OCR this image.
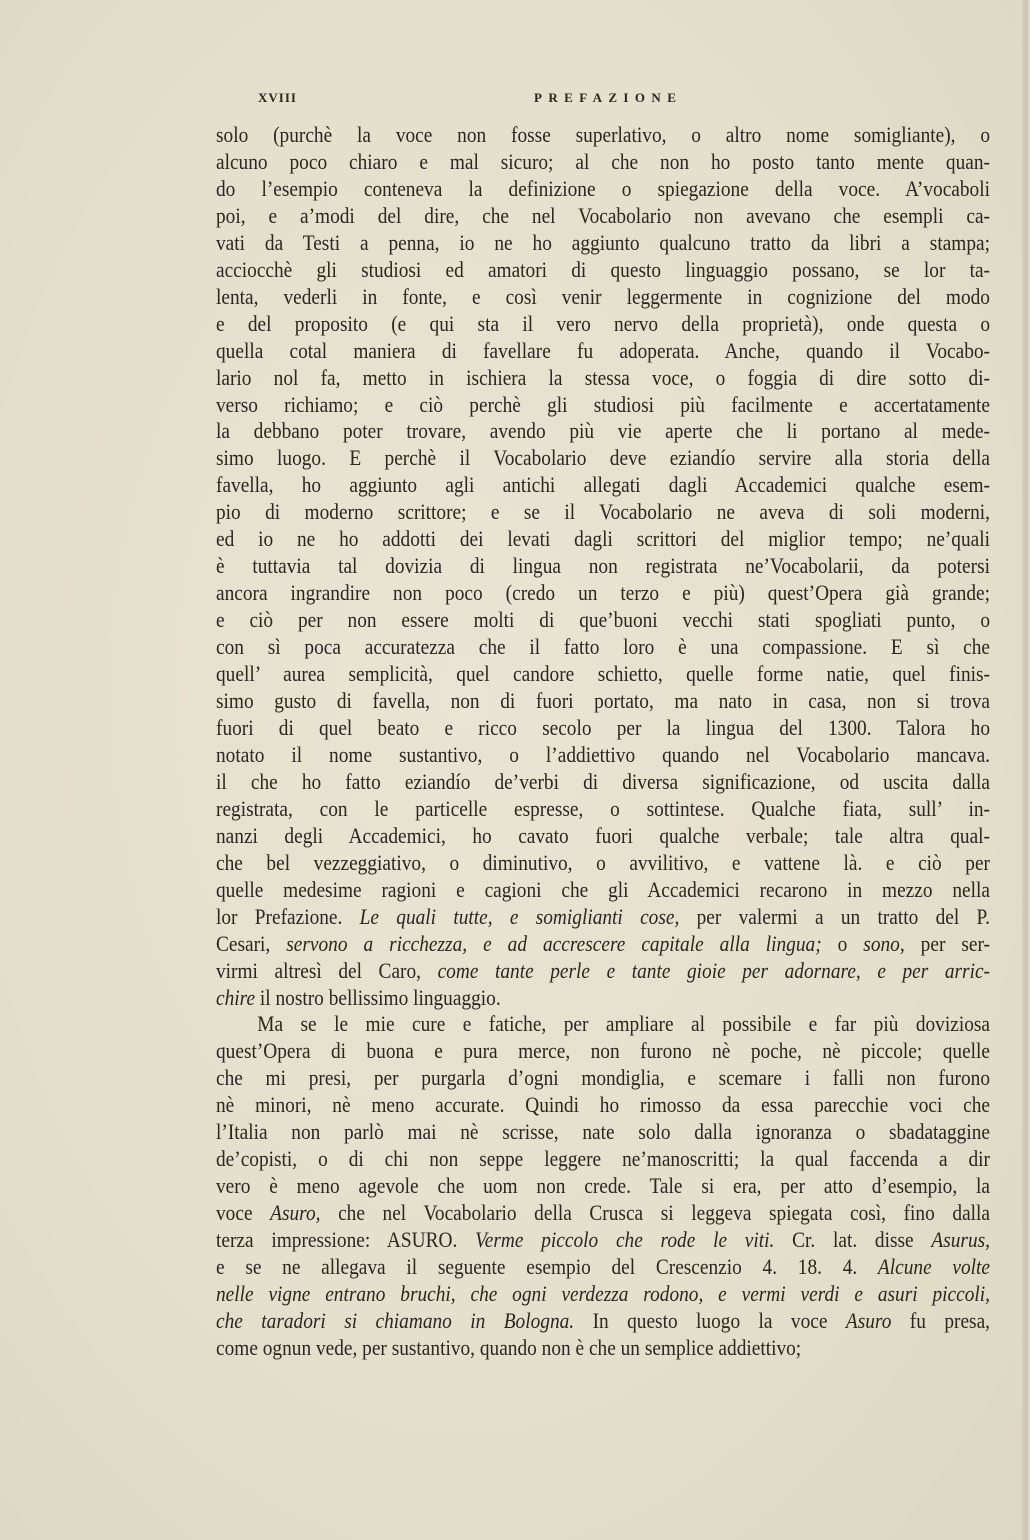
XVIII	PREFAZIONE
solo (purchè la voce non fosse superlativo, o altro nome somigliante), o
alcuno poco chiaro e mal sicuro; al che non ho posto tanto mente quan-
do l’esempio conteneva la definizione o spiegazione della voce. A’vocaboli
poi, e a’modi del dire, che nel Vocabolario non avevano che esempli ca-
vati da Testi a penna, io ne ho aggiunto qualcuno tratto da libri a stampa;
acciocchè gli studiosi ed amatori di questo linguaggio possano, se lor ta-
lenta, vederli in fonte, e così venir leggermente in cognizione del modo
e del proposito (e qui sta il vero nervo della proprietà), onde questa o
quella cotal maniera di favellare fu adoperata. Anche, quando il Vocabo-
lario nol fa, metto in ischiera la stessa voce, o foggia di dire sotto di-
verso richiamo; e ciò perchè gli studiosi più facilmente e accertatamente
la debbano poter trovare, avendo più vie aperte che li portano al mede-
simo luogo. E perchè il Vocabolario deve eziandío servire alla storia della
favella, ho aggiunto agli antichi allegati dagli Accademici qualche esem-
pio di moderno scrittore; e se il Vocabolario ne aveva di soli moderni,
ed io ne ho addotti dei levati dagli scrittori del miglior tempo; ne’quali
è tuttavia tal dovizia di lingua non registrata ne’Vocabolarii, da potersi
ancora ingrandire non poco (credo un terzo e più) quest’Opera già grande;
e ciò per non essere molti di que’buoni vecchi stati spogliati punto, o
con sì poca accuratezza che il fatto loro è una compassione. E sì che
quell’ aurea semplicità, quel candore schietto, quelle forme natie, quel finis-
simo gusto di favella, non di fuori portato, ma nato in casa, non si trova
fuori di quel beato e ricco secolo per la lingua del 1300. Talora ho
notato il nome sustantivo, o l’addiettivo quando nel Vocabolario mancava.
il che ho fatto eziandío de’verbi di diversa significazione, od uscita dalla
registrata, con le particelle espresse, o sottintese. Qualche fiata, sull’ in-
nanzi degli Accademici, ho cavato fuori qualche verbale; tale altra qual-
che bel vezzeggiativo, o diminutivo, o avvilitivo, e vattene là. e ciò per
quelle medesime ragioni e cagioni che gli Accademici recarono in mezzo nella
lor Prefazione. Le quali tutte, e somiglianti cose, per valermi a un tratto del P.
Cesari, servono a ricchezza, e ad accrescere capitale alla lingua; o sono, per ser-
virmi altresì del Caro, come tante perle e tante gioie per adornare, e per arric-
chire il nostro bellissimo linguaggio.
Ma se le mie cure e fatiche, per ampliare al possibile e far più doviziosa
quest’Opera di buona e pura merce, non furono nè poche, nè piccole; quelle
che mi presi, per purgarla d’ogni mondiglia, e scemare i falli non furono
nè minori, nè meno accurate. Quindi ho rimosso da essa parecchie voci che
l’Italia non parlò mai nè scrisse, nate solo dalla ignoranza o sbadataggine
de’copisti, o di chi non seppe leggere ne’manoscritti; la qual faccenda a dir
vero è meno agevole che uom non crede. Tale si era, per atto d’esempio, la
voce Asuro, che nel Vocabolario della Crusca si leggeva spiegata così, fino dalla
terza impressione: ASURO. Verme piccolo che rode le viti. Cr. lat. disse Asurus,
e se ne allegava il seguente esempio del Crescenzio 4. 18. 4. Alcune volte
nelle vigne entrano bruchi, che ogni verdezza rodono, e vermi verdi e asuri piccoli,
che taradori si chiamano in Bologna. In questo luogo la voce Asuro fu presa,
come ognun vede, per sustantivo, quando non è che un semplice addiettivo;
